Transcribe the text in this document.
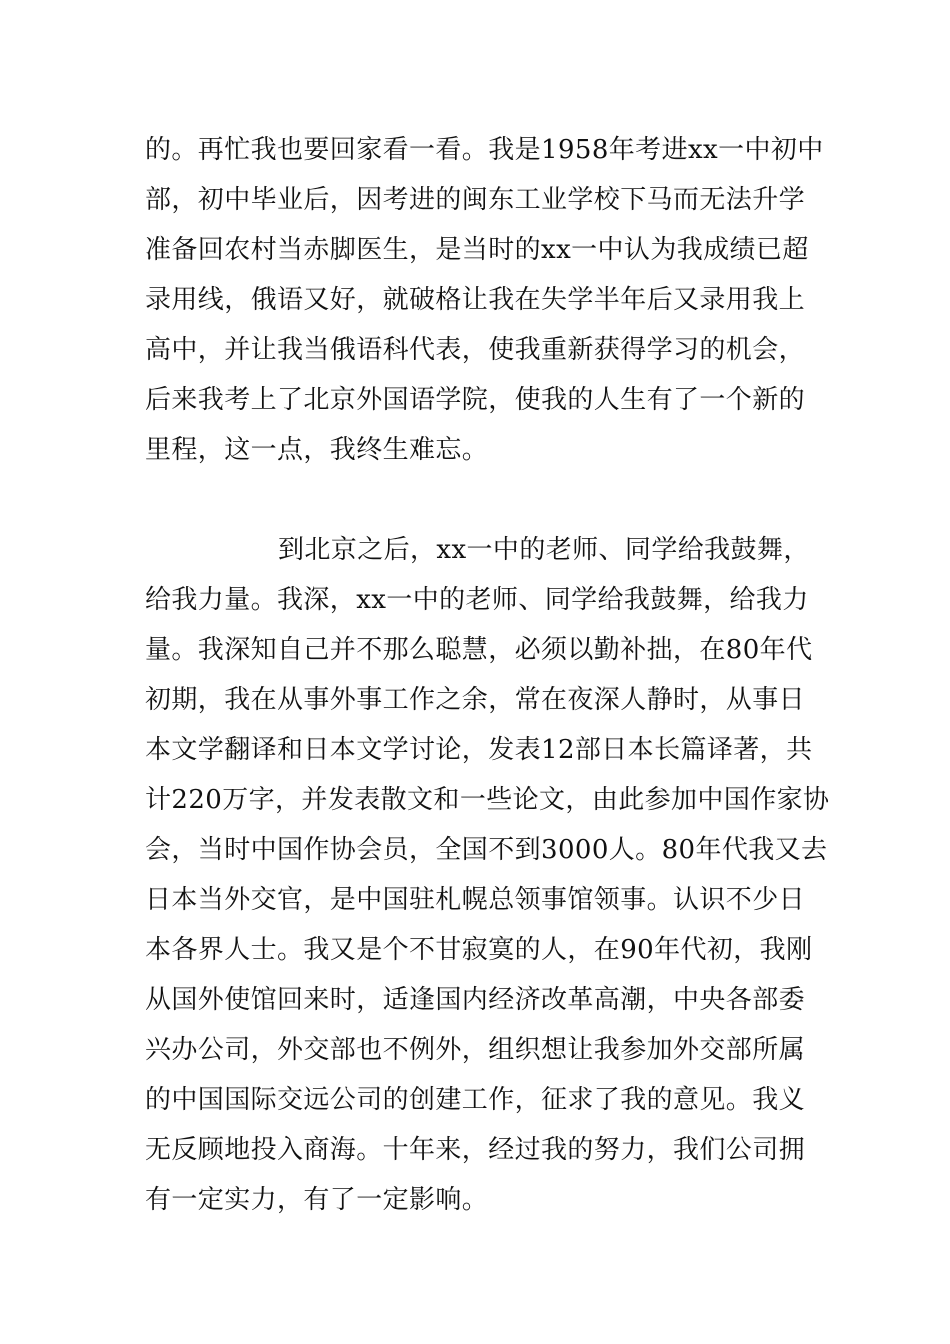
的。再忙我也要回家看一看。我是1958年考进xx一中初中
部，初中毕业后，因考进的闽东工业学校下马而无法升学
准备回农村当赤脚医生，是当时的xx一中认为我成绩已超
录用线，俄语又好，就破格让我在失学半年后又录用我上
高中，并让我当俄语科代表，使我重新获得学习的机会，
后来我考上了北京外国语学院，使我的人生有了一个新的
里程，这一点，我终生难忘。
到北京之后，xx一中的老师、同学给我鼓舞，
给我力量。我深，xx一中的老师、同学给我鼓舞，给我力
量。我深知自己并不那么聪慧，必须以勤补拙，在80年代
初期，我在从事外事工作之余，常在夜深人静时，从事日
本文学翻译和日本文学讨论，发表12部日本长篇译著，共
计220万字，并发表散文和一些论文，由此参加中国作家协
会，当时中国作协会员，全国不到3000人。80年代我又去
日本当外交官，是中国驻札幌总领事馆领事。认识不少日
本各界人士。我又是个不甘寂寞的人，在90年代初，我刚
从国外使馆回来时，适逢国内经济改革高潮，中央各部委
兴办公司，外交部也不例外，组织想让我参加外交部所属
的中国国际交远公司的创建工作，征求了我的意见。我义
无反顾地投入商海。十年来，经过我的努力，我们公司拥
有一定实力，有了一定影响。
